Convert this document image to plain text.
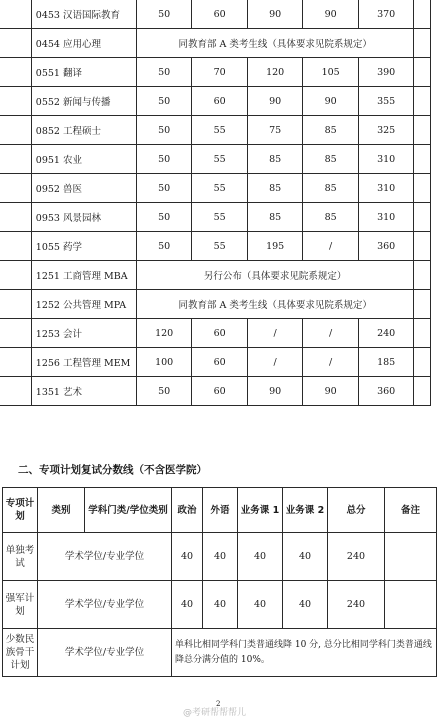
	0453 汉语国际教育	50	60	90	90	370	
	0454 应用心理	同教育部 A 类考生线（具体要求见院系规定）					
	0551 翻译	50	70	120	105	390	
	0552 新闻与传播	50	60	90	90	355	
	0852 工程硕士	50	55	75	85	325	
	0951 农业	50	55	85	85	310	
	0952 兽医	50	55	85	85	310	
	0953 风景园林	50	55	85	85	310	
	1055 药学	50	55	195	/	360	
	1251 工商管理 MBA	另行公布（具体要求见院系规定）					
	1252 公共管理 MPA	同教育部 A 类考生线（具体要求见院系规定）					
	1253 会计	120	60	/	/	240	
	1256 工程管理 MEM	100	60	/	/	185	
	1351 艺术	50	60	90	90	360	
二、专项计划复试分数线（不含医学院）
专项计划	类别	学科门类/学位类别	政治	外语	业务课 1	业务课 2	总分	备注
单独考试	学术学位/专业学位		40	40	40	40	240	
强军计划	学术学位/专业学位		40	40	40	40	240	
少数民族骨干计划	学术学位/专业学位		单科比相同学科门类普通线降 10 分, 总分比相同学科门类普通线降总分满分值的 10%。					
2
@考研帮帮帮儿
